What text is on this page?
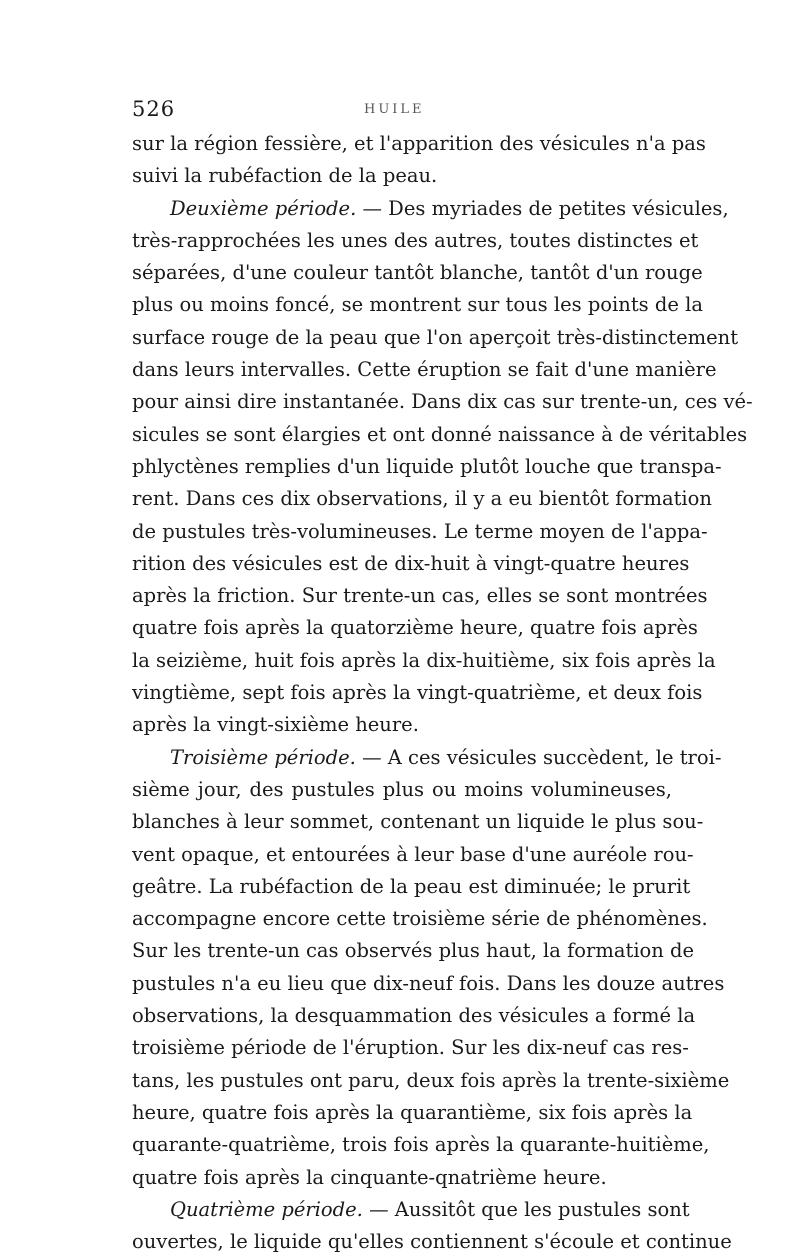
526	HUILE
sur la région fessière, et l'apparition des vésicules n'a pas
suivi la rubéfaction de la peau.
Deuxième période. — Des myriades de petites vésicules,
très-rapprochées les unes des autres, toutes distinctes et
séparées, d'une couleur tantôt blanche, tantôt d'un rouge
plus ou moins foncé, se montrent sur tous les points de la
surface rouge de la peau que l'on aperçoit très-distinctement
dans leurs intervalles. Cette éruption se fait d'une manière
pour ainsi dire instantanée. Dans dix cas sur trente-un, ces vé-
sicules se sont élargies et ont donné naissance à de véritables
phlyctènes remplies d'un liquide plutôt louche que transpa-
rent. Dans ces dix observations, il y a eu bientôt formation
de pustules très-volumineuses. Le terme moyen de l'appa-
rition des vésicules est de dix-huit à vingt-quatre heures
après la friction. Sur trente-un cas, elles se sont montrées
quatre fois après la quatorzième heure, quatre fois après
la seizième, huit fois après la dix-huitième, six fois après la
vingtième, sept fois après la vingt-quatrième, et deux fois
après la vingt-sixième heure.
Troisième période. — A ces vésicules succèdent, le troi-
sième jour, des pustules plus ou moins volumineuses,
blanches à leur sommet, contenant un liquide le plus sou-
vent opaque, et entourées à leur base d'une auréole rou-
geâtre. La rubéfaction de la peau est diminuée; le prurit
accompagne encore cette troisième série de phénomènes.
Sur les trente-un cas observés plus haut, la formation de
pustules n'a eu lieu que dix-neuf fois. Dans les douze autres
observations, la desquammation des vésicules a formé la
troisième période de l'éruption. Sur les dix-neuf cas res-
tans, les pustules ont paru, deux fois après la trente-sixième
heure, quatre fois après la quarantième, six fois après la
quarante-quatrième, trois fois après la quarante-huitième,
quatre fois après la cinquante-qnatrième heure.
Quatrième période. — Aussitôt que les pustules sont
ouvertes, le liquide qu'elles contiennent s'écoule et continue
